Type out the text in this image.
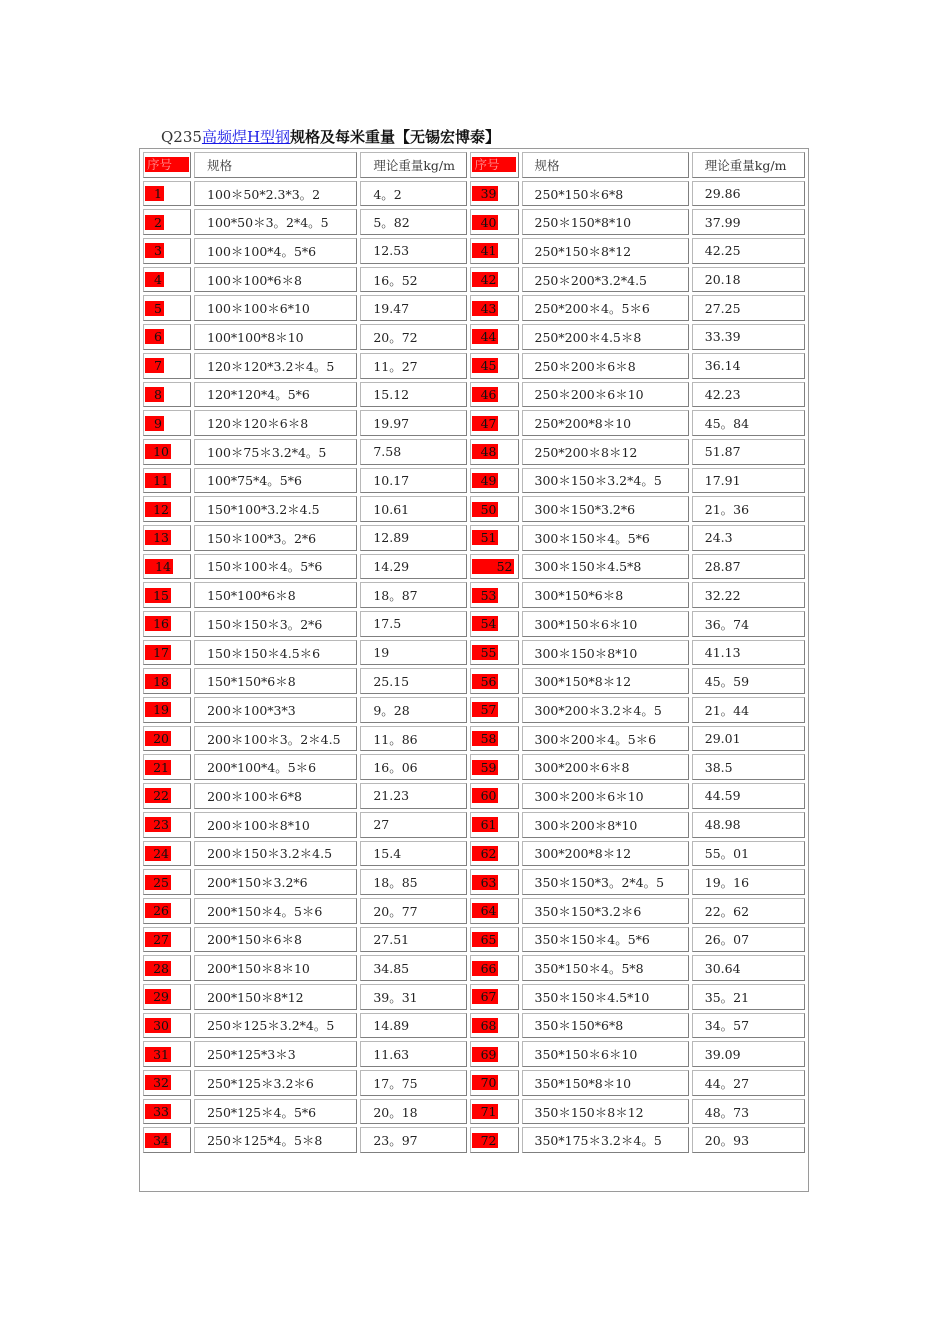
Q235高频焊H型钢规格及每米重量【无锡宏博泰】
序号	规格	理论重量kg/m	序号	规格	理论重量kg/m
1	100＊50*2.3*3。2	4。2	39	250*150＊6*8	29.86
2	100*50＊3。2*4。5	5。82	40	250＊150*8*10	37.99
3	100＊100*4。5*6	12.53	41	250*150＊8*12	42.25
4	100＊100*6＊8	16。52	42	250＊200*3.2*4.5	20.18
5	100＊100＊6*10	19.47	43	250*200＊4。5＊6	27.25
6	100*100*8＊10	20。72	44	250*200＊4.5＊8	33.39
7	120＊120*3.2＊4。5	11。27	45	250＊200＊6＊8	36.14
8	120*120*4。5*6	15.12	46	250＊200＊6＊10	42.23
9	120＊120＊6＊8	19.97	47	250*200*8＊10	45。84
10	100＊75＊3.2*4。5	7.58	48	250*200＊8＊12	51.87
11	100*75*4。5*6	10.17	49	300＊150＊3.2*4。5	17.91
12	150*100*3.2＊4.5	10.61	50	300＊150*3.2*6	21。36
13	150＊100*3。2*6	12.89	51	300＊150＊4。5*6	24.3
14	150＊100＊4。5*6	14.29	52	300＊150＊4.5*8	28.87
15	150*100*6＊8	18。87	53	300*150*6＊8	32.22
16	150＊150＊3。2*6	17.5	54	300*150＊6＊10	36。74
17	150＊150＊4.5＊6	19	55	300＊150＊8*10	41.13
18	150*150*6＊8	25.15	56	300*150*8＊12	45。59
19	200＊100*3*3	9。28	57	300*200＊3.2＊4。5	21。44
20	200＊100＊3。2＊4.5	11。86	58	300＊200＊4。5＊6	29.01
21	200*100*4。5＊6	16。06	59	300*200＊6＊8	38.5
22	200＊100＊6*8	21.23	60	300＊200＊6＊10	44.59
23	200＊100＊8*10	27	61	300＊200＊8*10	48.98
24	200＊150＊3.2＊4.5	15.4	62	300*200*8＊12	55。01
25	200*150＊3.2*6	18。85	63	350＊150*3。2*4。5	19。16
26	200*150＊4。5＊6	20。77	64	350＊150*3.2＊6	22。62
27	200*150＊6＊8	27.51	65	350＊150＊4。5*6	26。07
28	200*150＊8＊10	34.85	66	350*150＊4。5*8	30.64
29	200*150＊8*12	39。31	67	350＊150＊4.5*10	35。21
30	250＊125＊3.2*4。5	14.89	68	350＊150*6*8	34。57
31	250*125*3＊3	11.63	69	350*150＊6＊10	39.09
32	250*125＊3.2＊6	17。75	70	350*150*8＊10	44。27
33	250*125＊4。5*6	20。18	71	350＊150＊8＊12	48。73
34	250＊125*4。5＊8	23。97	72	350*175＊3.2＊4。5	20。93
